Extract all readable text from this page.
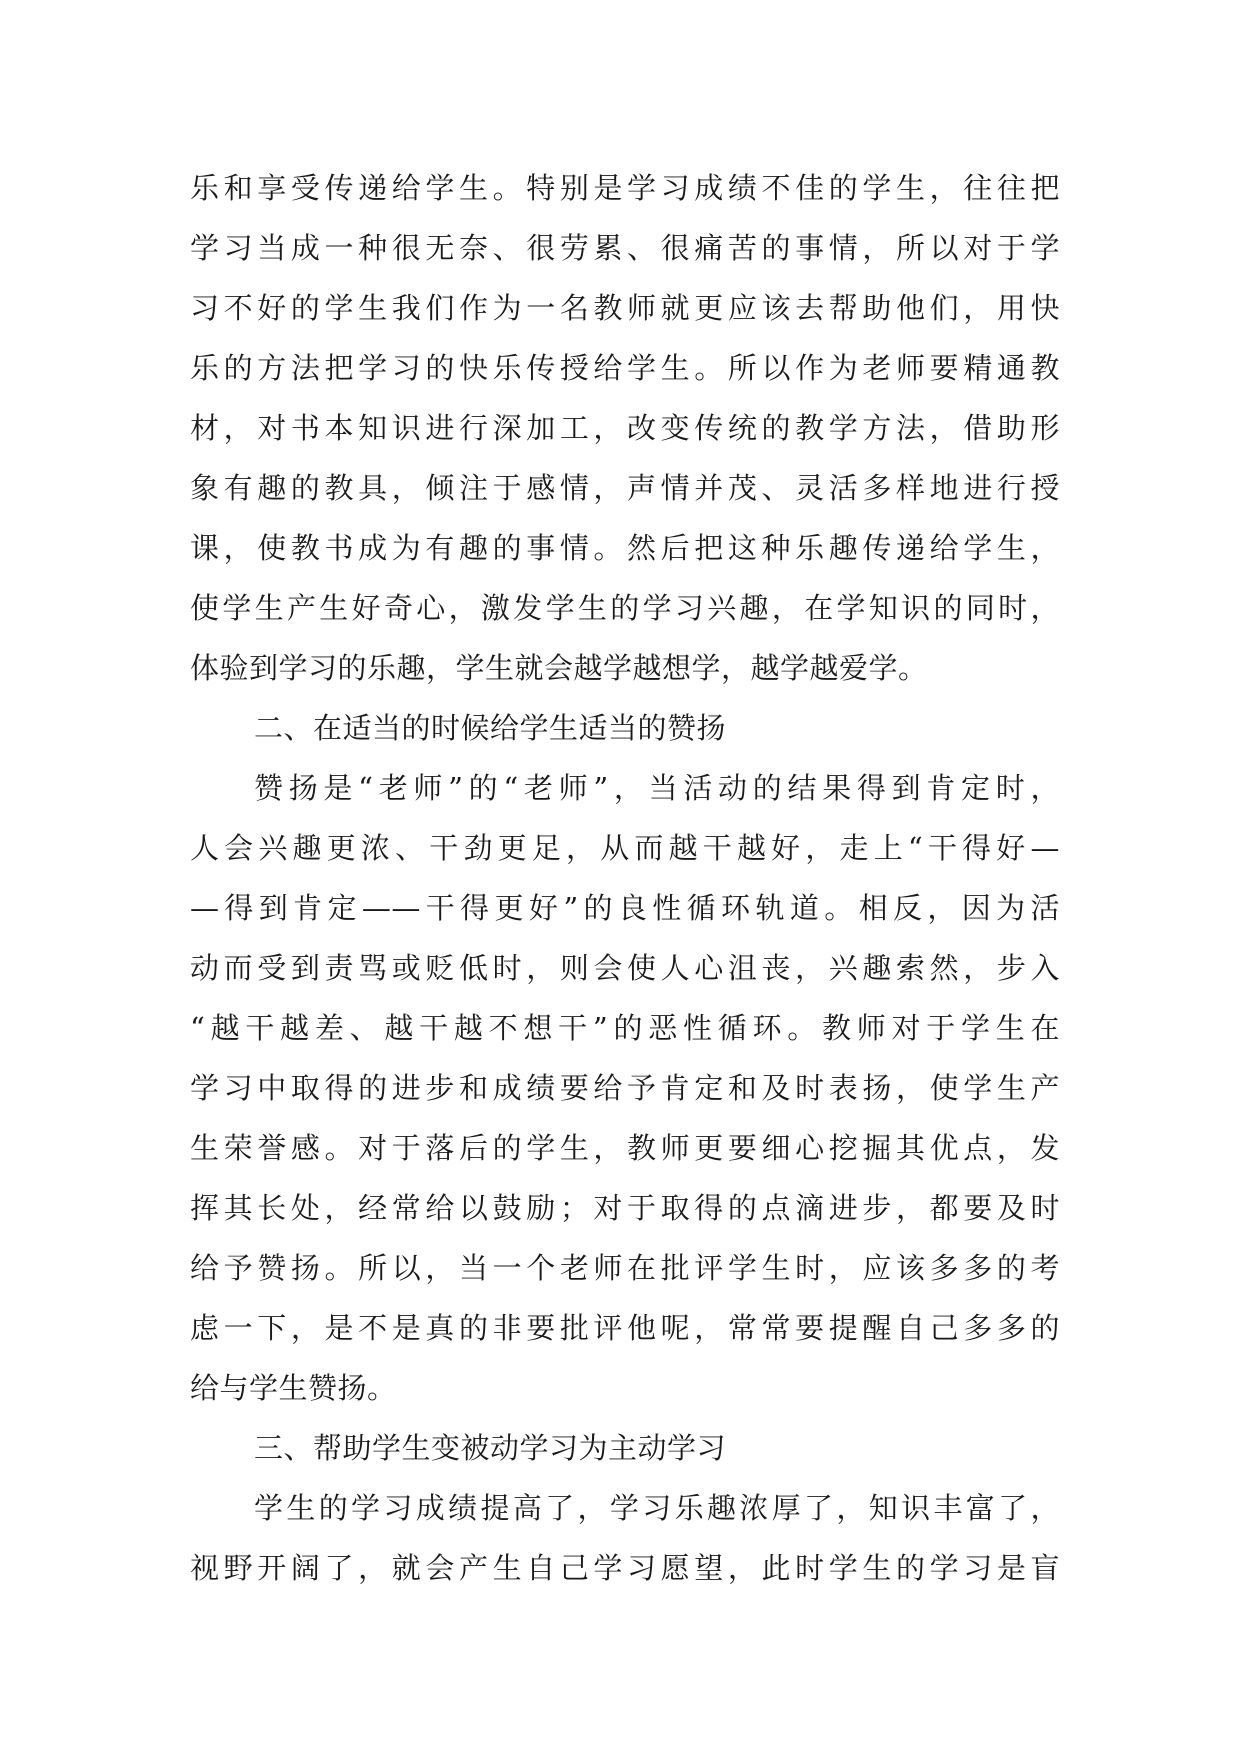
乐和享受传递给学生。特别是学习成绩不佳的学生，往往把
学习当成一种很无奈、很劳累、很痛苦的事情，所以对于学
习不好的学生我们作为一名教师就更应该去帮助他们，用快
乐的方法把学习的快乐传授给学生。所以作为老师要精通教
材，对书本知识进行深加工，改变传统的教学方法，借助形
象有趣的教具，倾注于感情，声情并茂、灵活多样地进行授
课，使教书成为有趣的事情。然后把这种乐趣传递给学生，
使学生产生好奇心，激发学生的学习兴趣，在学知识的同时，
体验到学习的乐趣，学生就会越学越想学，越学越爱学。
二、在适当的时候给学生适当的赞扬
赞扬是“老师”的“老师”，当活动的结果得到肯定时，
人会兴趣更浓、干劲更足，从而越干越好，走上“干得好—
—得到肯定——干得更好”的良性循环轨道。相反，因为活
动而受到责骂或贬低时，则会使人心沮丧，兴趣索然，步入
“越干越差、越干越不想干”的恶性循环。教师对于学生在
学习中取得的进步和成绩要给予肯定和及时表扬，使学生产
生荣誉感。对于落后的学生，教师更要细心挖掘其优点，发
挥其长处，经常给以鼓励；对于取得的点滴进步，都要及时
给予赞扬。所以，当一个老师在批评学生时，应该多多的考
虑一下，是不是真的非要批评他呢，常常要提醒自己多多的
给与学生赞扬。
三、帮助学生变被动学习为主动学习
学生的学习成绩提高了，学习乐趣浓厚了，知识丰富了，
视野开阔了，就会产生自己学习愿望，此时学生的学习是盲
